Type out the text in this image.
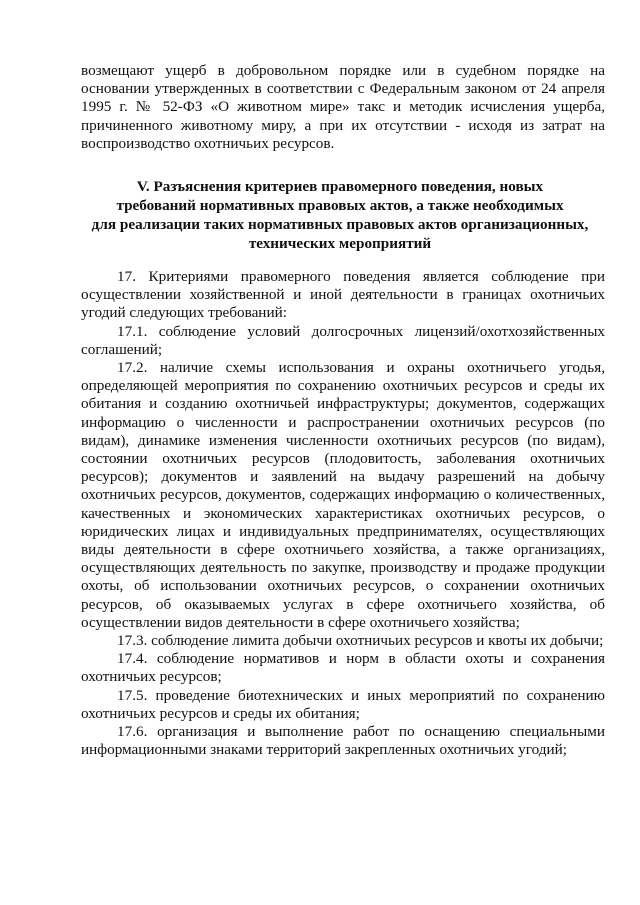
возмещают ущерб в добровольном порядке или в судебном порядке на основании утвержденных в соответствии с Федеральным законом от 24 апреля 1995 г. № 52-ФЗ «О животном мире» такс и методик исчисления ущерба, причиненного животному миру, а при их отсутствии - исходя из затрат на воспроизводство охотничьих ресурсов.

V. Разъяснения критериев правомерного поведения, новых
требований нормативных правовых актов, а также необходимых
для реализации таких нормативных правовых актов организационных,
технических мероприятий

17. Критериями правомерного поведения является соблюдение при осуществлении хозяйственной и иной деятельности в границах охотничьих угодий следующих требований:

17.1. соблюдение условий долгосрочных лицензий/охотхозяйственных соглашений;

17.2. наличие схемы использования и охраны охотничьего угодья, определяющей мероприятия по сохранению охотничьих ресурсов и среды их обитания и созданию охотничьей инфраструктуры; документов, содержащих информацию о численности и распространении охотничьих ресурсов (по видам), динамике изменения численности охотничьих ресурсов (по видам), состоянии охотничьих ресурсов (плодовитость, заболевания охотничьих ресурсов); документов и заявлений на выдачу разрешений на добычу охотничьих ресурсов, документов, содержащих информацию о количественных, качественных и экономических характеристиках охотничьих ресурсов, о юридических лицах и индивидуальных предпринимателях, осуществляющих виды деятельности в сфере охотничьего хозяйства, а также организациях, осуществляющих деятельность по закупке, производству и продаже продукции охоты, об использовании охотничьих ресурсов, о сохранении охотничьих ресурсов, об оказываемых услугах в сфере охотничьего хозяйства, об осуществлении видов деятельности в сфере охотничьего хозяйства;

17.3. соблюдение лимита добычи охотничьих ресурсов и квоты их добычи;

17.4. соблюдение нормативов и норм в области охоты и сохранения охотничьих ресурсов;

17.5. проведение биотехнических и иных мероприятий по сохранению охотничьих ресурсов и среды их обитания;

17.6. организация и выполнение работ по оснащению специальными информационными знаками территорий закрепленных охотничьих угодий;
